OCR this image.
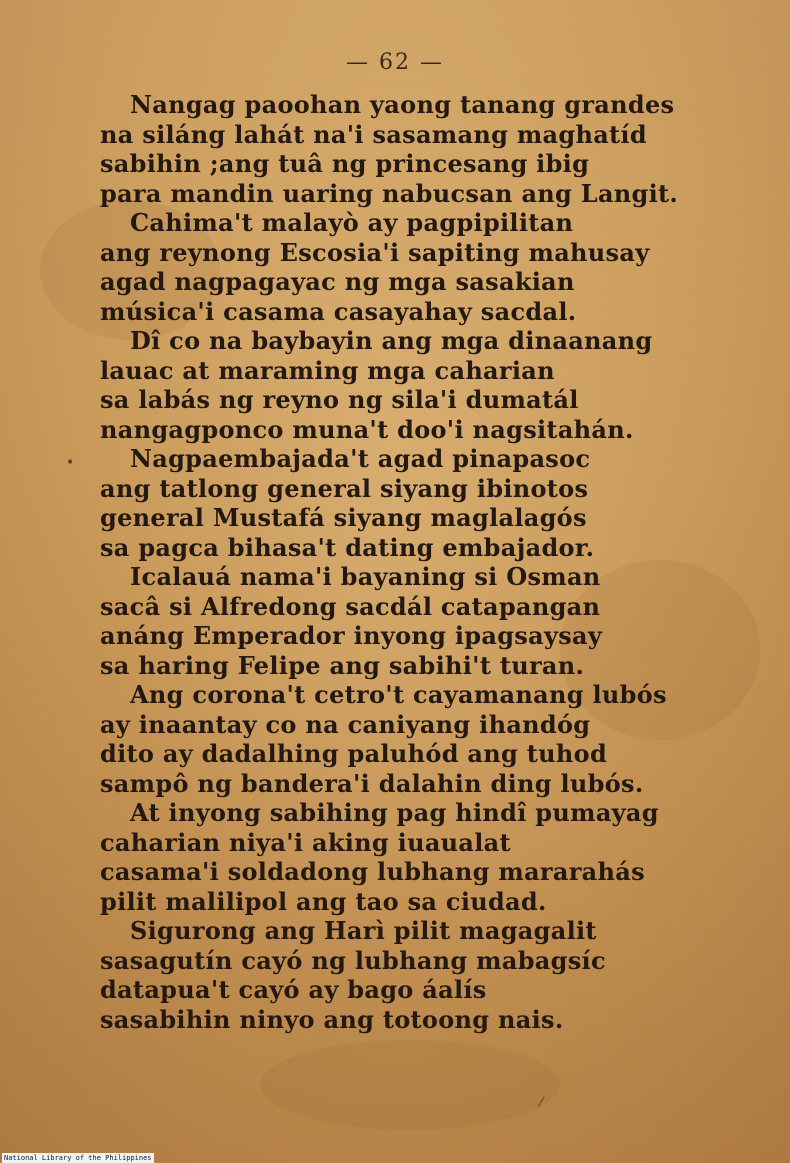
— 62 —
•
⁄
Nangag paoohan yaong tanang grandes
na siláng lahát na'i sasamang maghatíd
sabihin ;ang tuâ ng princesang ibig
para mandin uaring nabucsan ang Langit.
Cahima't malayò ay pagpipilitan
ang reynong Escosia'i sapiting mahusay
agad nagpagayac ng mga sasakian
música'i casama casayahay sacdal.
Dî co na baybayin ang mga dinaanang
lauac at maraming mga caharian
sa labás ng reyno ng sila'i dumatál
nangagponco muna't doo'i nagsitahán.
Nagpaembajada't agad pinapasoc
ang tatlong general siyang ibinotos
general Mustafá siyang maglalagós
sa pagca bihasa't dating embajador.
Icalauá nama'i bayaning si Osman
sacâ si Alfredong sacdál catapangan
anáng Emperador inyong ipagsaysay
sa haring Felipe ang sabihi't turan.
Ang corona't cetro't cayamanang lubós
ay inaantay co na caniyang ihandóg
dito ay dadalhing paluhód ang tuhod
sampô ng bandera'i dalahin ding lubós.
At inyong sabihing pag hindî pumayag
caharian niya'i aking iuaualat
casama'i soldadong lubhang mararahás
pilit malilipol ang tao sa ciudad.
Sigurong ang Harì pilit magagalit
sasagutín cayó ng lubhang mabagsíc
datapua't cayó ay bago áalís
sasabihin ninyo ang totoong nais.
National Library of the Philippines
